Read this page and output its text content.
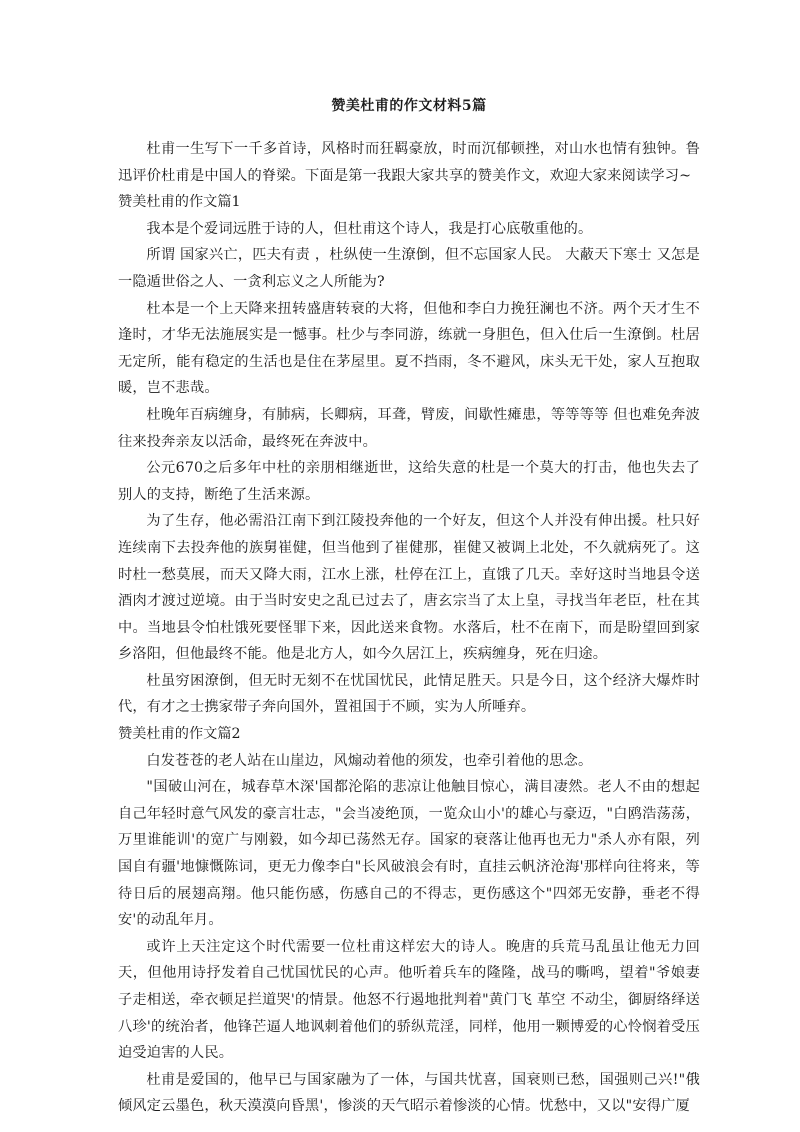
赞美杜甫的作文材料5篇

杜甫一生写下一千多首诗，风格时而狂羁豪放，时而沉郁顿挫，对山水也情有独钟。鲁迅评价杜甫是中国人的脊梁。下面是第一我跟大家共享的赞美作文，欢迎大家来阅读学习~

赞美杜甫的作文篇1

我本是个爱词远胜于诗的人，但杜甫这个诗人，我是打心底敬重他的。

所谓 国家兴亡，匹夫有责 ，杜纵使一生潦倒，但不忘国家人民。 大蔽天下寒士 又怎是一隐遁世俗之人、一贪利忘义之人所能为?

杜本是一个上天降来扭转盛唐转衰的大将，但他和李白力挽狂澜也不济。两个天才生不逢时，才华无法施展实是一憾事。杜少与李同游，练就一身胆色，但入仕后一生潦倒。杜居无定所，能有稳定的生活也是住在茅屋里。夏不挡雨，冬不避风，床头无干处，家人互抱取暖，岂不悲哉。

杜晚年百病缠身，有肺病，长卿病，耳聋，臂废，间歇性瘫患，等等等等 但也难免奔波往来投奔亲友以活命，最终死在奔波中。

公元670之后多年中杜的亲朋相继逝世，这给失意的杜是一个莫大的打击，他也失去了别人的支持，断绝了生活来源。

为了生存，他必需沿江南下到江陵投奔他的一个好友，但这个人并没有伸出援。杜只好连续南下去投奔他的族舅崔健，但当他到了崔健那，崔健又被调上北处，不久就病死了。这时杜一愁莫展，而天又降大雨，江水上涨，杜停在江上，直饿了几天。幸好这时当地县令送酒肉才渡过逆境。由于当时安史之乱已过去了，唐玄宗当了太上皇，寻找当年老臣，杜在其中。当地县令怕杜饿死要怪罪下来，因此送来食物。水落后，杜不在南下，而是盼望回到家乡洛阳，但他最终不能。他是北方人，如今久居江上，疾病缠身，死在归途。

杜虽穷困潦倒，但无时无刻不在忧国忧民，此情足胜天。只是今日，这个经济大爆炸时代，有才之士携家带子奔向国外，置祖国于不顾，实为人所唾弃。

赞美杜甫的作文篇2

白发苍苍的老人站在山崖边，风煽动着他的须发，也牵引着他的思念。

"国破山河在，城春草木深'国都沦陷的悲凉让他触目惊心，满目凄然。老人不由的想起自己年轻时意气风发的豪言壮志，"会当凌绝顶，一览众山小'的雄心与豪迈，"白鸥浩荡荡，万里谁能训'的宽广与刚毅，如今却已荡然无存。国家的衰落让他再也无力"杀人亦有限，列国自有疆'地慷慨陈词，更无力像李白"长风破浪会有时，直挂云帆济沧海'那样向往将来，等待日后的展翅高翔。他只能伤感，伤感自己的不得志，更伤感这个"四郊无安静，垂老不得安'的动乱年月。

或许上天注定这个时代需要一位杜甫这样宏大的诗人。晚唐的兵荒马乱虽让他无力回天，但他用诗抒发着自己忧国忧民的心声。他听着兵车的隆隆，战马的嘶鸣，望着"爷娘妻子走相送，牵衣顿足拦道哭'的情景。他怒不行遏地批判着"黄门飞 革空 不动尘，御厨络绎送八珍'的统治者，他锋芒逼人地讽刺着他们的骄纵荒淫，同样，他用一颗博爱的心怜悯着受压迫受迫害的人民。

杜甫是爱国的，他早已与国家融为了一体，与国共忧喜，国衰则已愁，国强则己兴!"俄倾风定云墨色，秋天漠漠向昏黑'，惨淡的天气昭示着惨淡的心情。忧愁中，又以"安得广厦
